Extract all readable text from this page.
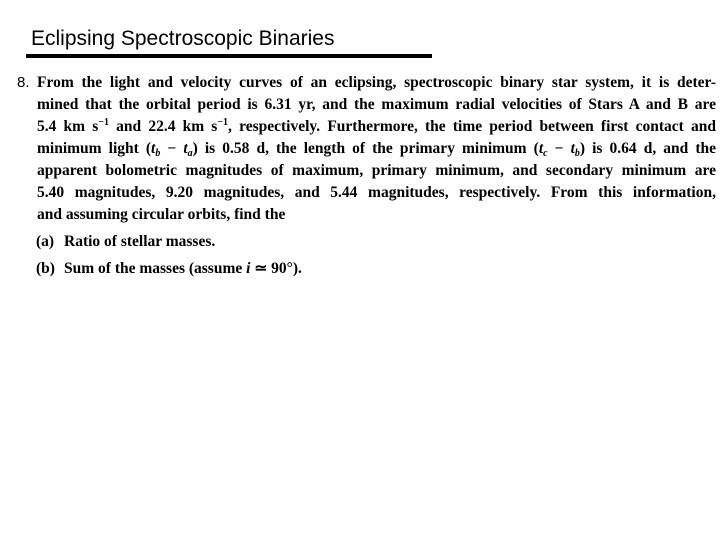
Eclipsing Spectroscopic Binaries
8. From the light and velocity curves of an eclipsing, spectroscopic binary star system, it is deter-
mined that the orbital period is 6.31 yr, and the maximum radial velocities of Stars A and B are
5.4 km $s^{-1}$ and 22.4 km $s^{-1}$, respectively. Furthermore, the time period between first contact and
minimum light $(t_b - t_a)$ is 0.58 d, the length of the primary minimum $(t_c - t_b)$ is 0.64 d, and the
apparent bolometric magnitudes of maximum, primary minimum, and secondary minimum are
5.40 magnitudes, 9.20 magnitudes, and 5.44 magnitudes, respectively. From this information,
and assuming circular orbits, find the
(a) Ratio of stellar masses.
(b) Sum of the masses (assume i ≃ 90°).
